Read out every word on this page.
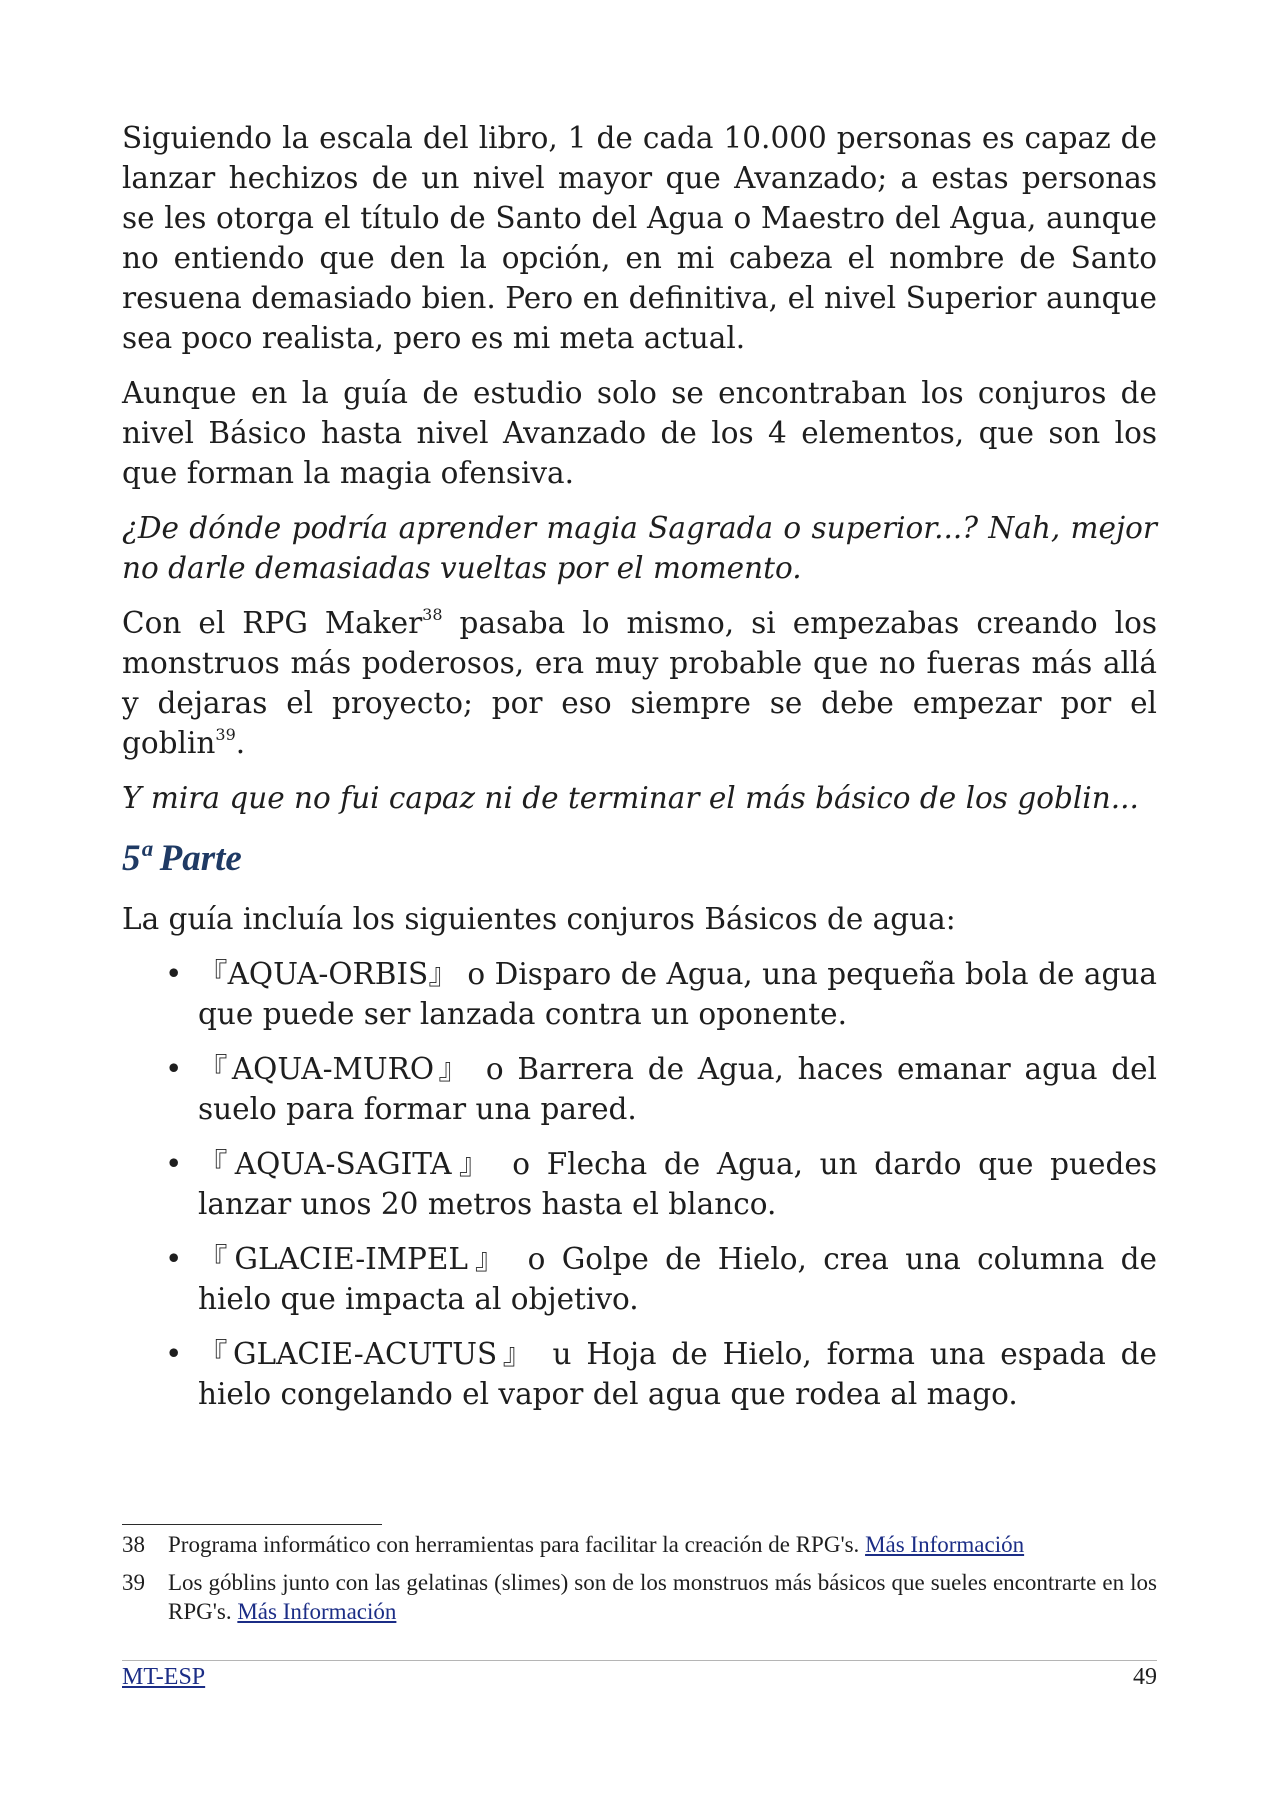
Siguiendo la escala del libro, 1 de cada 10.000 personas es capaz de lanzar hechizos de un nivel mayor que Avanzado; a estas personas se les otorga el título de Santo del Agua o Maestro del Agua, aunque no entiendo que den la opción, en mi cabeza el nombre de Santo resuena demasiado bien. Pero en definitiva, el nivel Superior aunque sea poco realista, pero es mi meta actual.

Aunque en la guía de estudio solo se encontraban los conjuros de nivel Básico hasta nivel Avanzado de los 4 elementos, que son los que forman la magia ofensiva.

¿De dónde podría aprender magia Sagrada o superior...? Nah, mejor no darle demasiadas vueltas por el momento.

Con el RPG Maker$^{38}$ pasaba lo mismo, si empezabas creando los monstruos más poderosos, era muy probable que no fueras más allá y dejaras el proyecto; por eso siempre se debe empezar por el goblin$^{39}$.

Y mira que no fui capaz ni de terminar el más básico de los goblin...

5ª Parte

La guía incluía los siguientes conjuros Básicos de agua:

• 『AQUA-ORBIS』 o Disparo de Agua, una pequeña bola de agua que puede ser lanzada contra un oponente.
• 『AQUA-MURO』 o Barrera de Agua, haces emanar agua del suelo para formar una pared.
• 『AQUA-SAGITA』 o Flecha de Agua, un dardo que puedes lanzar unos 20 metros hasta el blanco.
• 『GLACIE-IMPEL』 o Golpe de Hielo, crea una columna de hielo que impacta al objetivo.
• 『GLACIE-ACUTUS』 u Hoja de Hielo, forma una espada de hielo congelando el vapor del agua que rodea al mago.
38 Programa informático con herramientas para facilitar la creación de RPG's. Más Información
39 Los góblins junto con las gelatinas (slimes) son de los monstruos más básicos que sueles encontrarte en los RPG's. Más Información
MT-ESP	49
